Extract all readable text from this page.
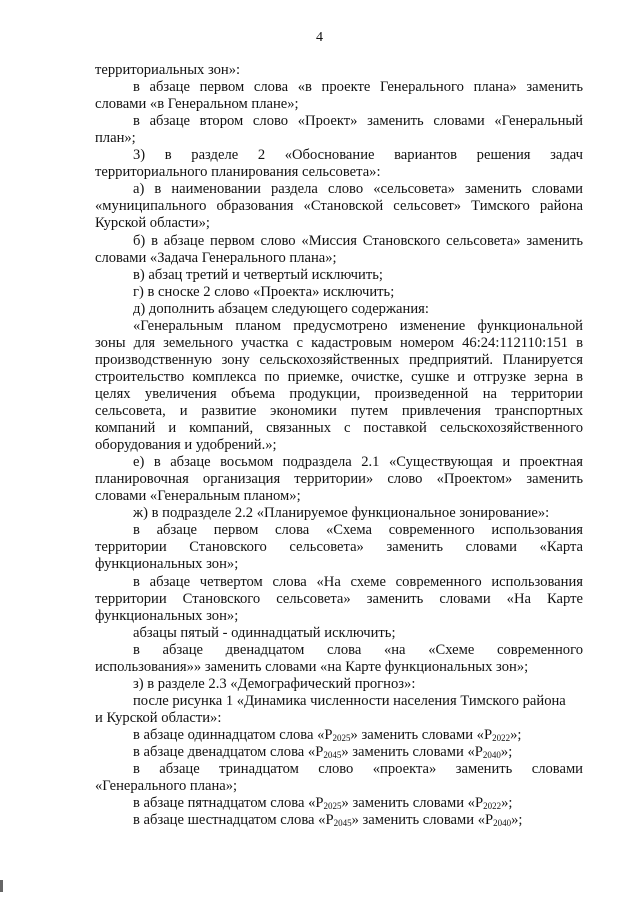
4
территориальных зон»:
в абзаце первом слова «в проекте Генерального плана» заменить
словами «в Генеральном плане»;
в абзаце втором слово «Проект» заменить словами «Генеральный
план»;
3) в разделе 2 «Обоснование вариантов решения задач
территориального планирования сельсовета»:
а) в наименовании раздела слово «сельсовета» заменить словами
«муниципального образования «Становской сельсовет» Тимского района
Курской области»;
б) в абзаце первом слово «Миссия Становского сельсовета» заменить
словами «Задача Генерального плана»;
в) абзац третий и четвертый исключить;
г) в сноске 2 слово «Проекта» исключить;
д) дополнить абзацем следующего содержания:
«Генеральным планом предусмотрено изменение функциональной
зоны для земельного участка с кадастровым номером 46:24:112110:151 в
производственную зону сельскохозяйственных предприятий. Планируется
строительство комплекса по приемке, очистке, сушке и отгрузке зерна в
целях увеличения объема продукции, произведенной на территории
сельсовета, и развитие экономики путем привлечения транспортных
компаний и компаний, связанных с поставкой сельскохозяйственного
оборудования и удобрений.»;
е) в абзаце восьмом подраздела 2.1 «Существующая и проектная
планировочная организация территории» слово «Проектом» заменить
словами «Генеральным планом»;
ж) в подразделе 2.2 «Планируемое функциональное зонирование»:
в абзаце первом слова «Схема современного использования
территории Становского сельсовета» заменить словами «Карта
функциональных зон»;
в абзаце четвертом слова «На схеме современного использования
территории Становского сельсовета» заменить словами «На Карте
функциональных зон»;
абзацы пятый - одиннадцатый исключить;
в абзаце двенадцатом слова «на «Схеме современного
использования»» заменить словами «на Карте функциональных зон»;
з) в разделе 2.3 «Демографический прогноз»:
после рисунка 1 «Динамика численности населения Тимского района
и Курской области»:
в абзаце одиннадцатом слова «$Р_{2025}$» заменить словами «$Р_{2022}$»;
в абзаце двенадцатом слова «$Р_{2045}$» заменить словами «$Р_{2040}$»;
в абзаце тринадцатом слово «проекта» заменить словами
«Генерального плана»;
в абзаце пятнадцатом слова «$Р_{2025}$» заменить словами «$Р_{2022}$»;
в абзаце шестнадцатом слова «$Р_{2045}$» заменить словами «$Р_{2040}$»;
